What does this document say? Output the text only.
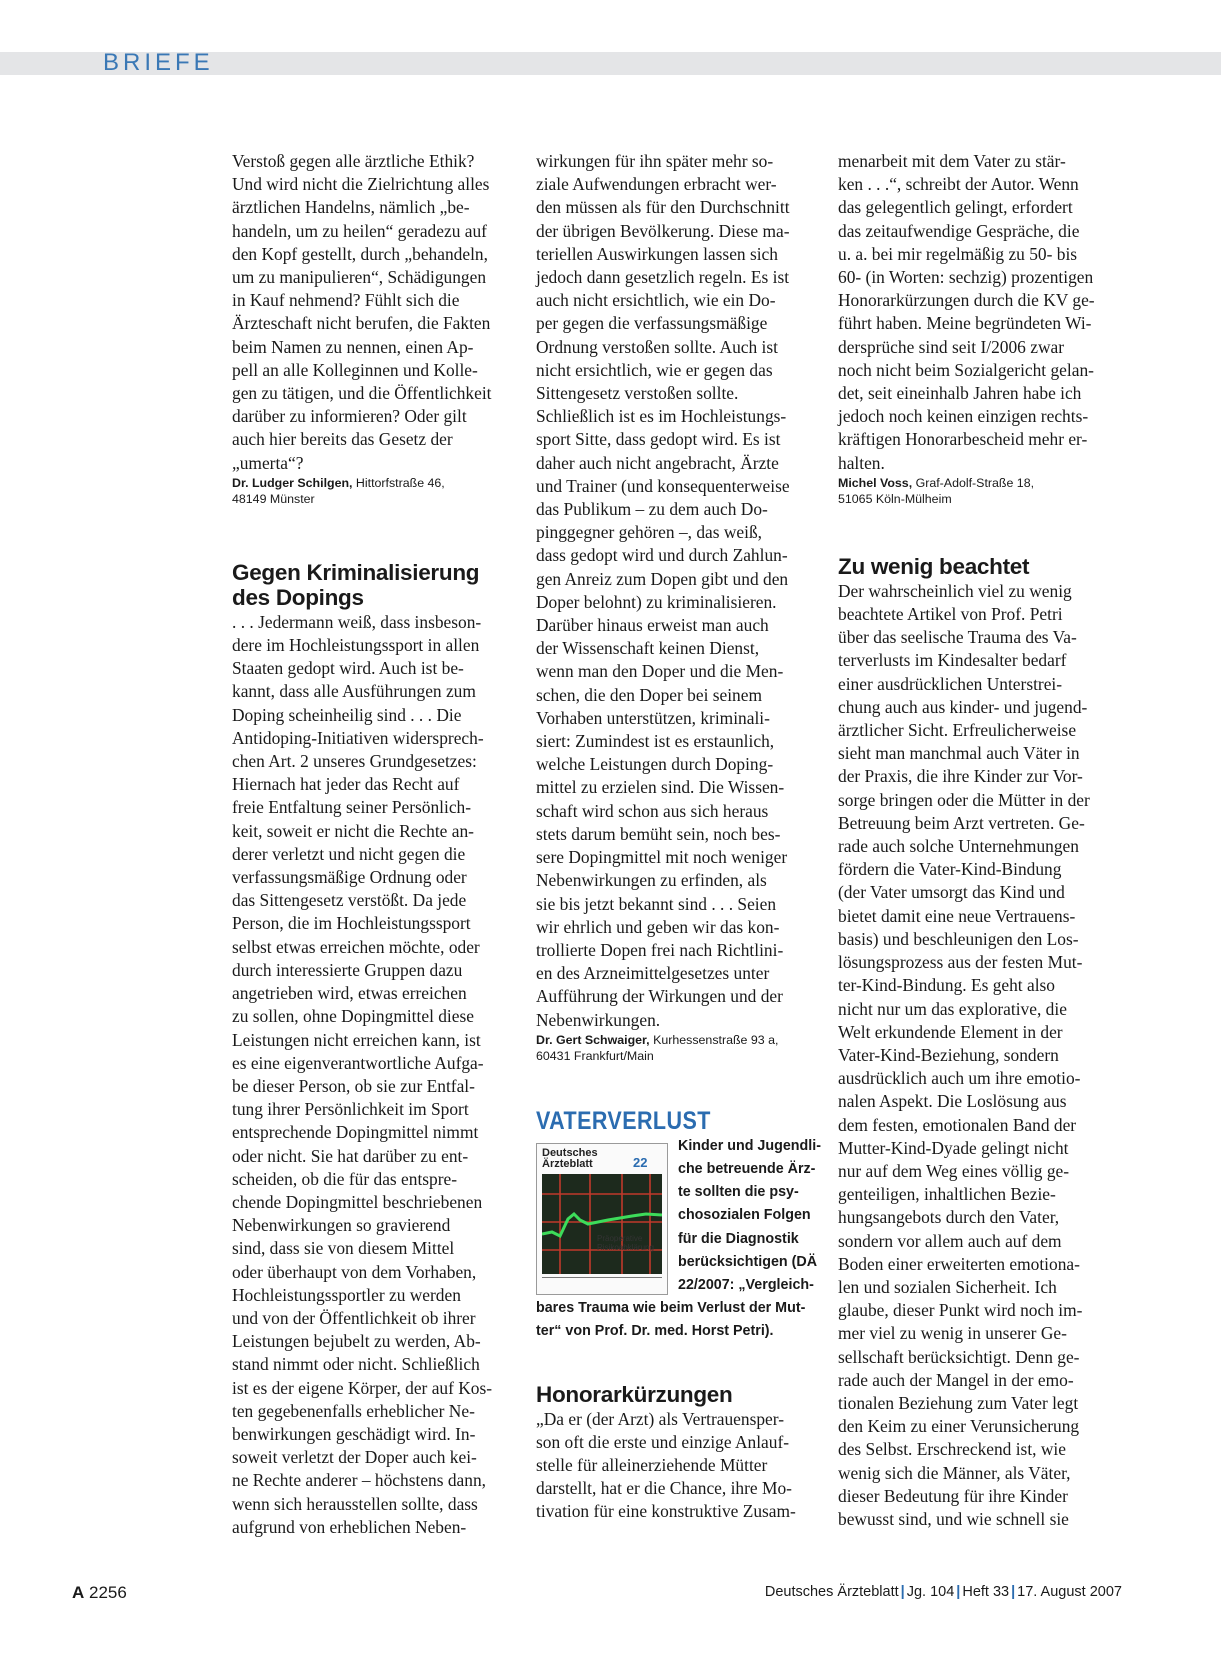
BRIEFE

Verstoß gegen alle ärztliche Ethik?
Und wird nicht die Zielrichtung alles
ärztlichen Handelns, nämlich „be-
handeln, um zu heilen“ geradezu auf
den Kopf gestellt, durch „behandeln,
um zu manipulieren“, Schädigungen
in Kauf nehmend? Fühlt sich die
Ärzteschaft nicht berufen, die Fakten
beim Namen zu nennen, einen Ap-
pell an alle Kolleginnen und Kolle-
gen zu tätigen, und die Öffentlichkeit
darüber zu informieren? Oder gilt
auch hier bereits das Gesetz der
„umerta“?

Dr. Ludger Schilgen, Hittorfstraße 46,
48149 Münster

Gegen Kriminalisierung
des Dopings

. . . Jedermann weiß, dass insbeson-
dere im Hochleistungssport in allen
Staaten gedopt wird. Auch ist be-
kannt, dass alle Ausführungen zum
Doping scheinheilig sind . . . Die
Antidoping-Initiativen widersprech-
chen Art. 2 unseres Grundgesetzes:
Hiernach hat jeder das Recht auf
freie Entfaltung seiner Persönlich-
keit, soweit er nicht die Rechte an-
derer verletzt und nicht gegen die
verfassungsmäßige Ordnung oder
das Sittengesetz verstößt. Da jede
Person, die im Hochleistungssport
selbst etwas erreichen möchte, oder
durch interessierte Gruppen dazu
angetrieben wird, etwas erreichen
zu sollen, ohne Dopingmittel diese
Leistungen nicht erreichen kann, ist
es eine eigenverantwortliche Aufga-
be dieser Person, ob sie zur Entfal-
tung ihrer Persönlichkeit im Sport
entsprechende Dopingmittel nimmt
oder nicht. Sie hat darüber zu ent-
scheiden, ob die für das entspre-
chende Dopingmittel beschriebenen
Nebenwirkungen so gravierend
sind, dass sie von diesem Mittel
oder überhaupt von dem Vorhaben,
Hochleistungssportler zu werden
und von der Öffentlichkeit ob ihrer
Leistungen bejubelt zu werden, Ab-
stand nimmt oder nicht. Schließlich
ist es der eigene Körper, der auf Kos-
ten gegebenenfalls erheblicher Ne-
benwirkungen geschädigt wird. In-
soweit verletzt der Doper auch kei-
ne Rechte anderer – höchstens dann,
wenn sich herausstellen sollte, dass
aufgrund von erheblichen Neben-

wirkungen für ihn später mehr so-
ziale Aufwendungen erbracht wer-
den müssen als für den Durchschnitt
der übrigen Bevölkerung. Diese ma-
teriellen Auswirkungen lassen sich
jedoch dann gesetzlich regeln. Es ist
auch nicht ersichtlich, wie ein Do-
per gegen die verfassungsmäßige
Ordnung verstoßen sollte. Auch ist
nicht ersichtlich, wie er gegen das
Sittengesetz verstoßen sollte.
Schließlich ist es im Hochleistungs-
sport Sitte, dass gedopt wird. Es ist
daher auch nicht angebracht, Ärzte
und Trainer (und konsequenterweise
das Publikum – zu dem auch Do-
pinggegner gehören –, das weiß,
dass gedopt wird und durch Zahlun-
gen Anreiz zum Dopen gibt und den
Doper belohnt) zu kriminalisieren.
Darüber hinaus erweist man auch
der Wissenschaft keinen Dienst,
wenn man den Doper und die Men-
schen, die den Doper bei seinem
Vorhaben unterstützen, kriminali-
siert: Zumindest ist es erstaunlich,
welche Leistungen durch Doping-
mittel zu erzielen sind. Die Wissen-
schaft wird schon aus sich heraus
stets darum bemüht sein, noch bes-
sere Dopingmittel mit noch weniger
Nebenwirkungen zu erfinden, als
sie bis jetzt bekannt sind . . . Seien
wir ehrlich und geben wir das kon-
trollierte Dopen frei nach Richtlini-
en des Arzneimittelgesetzes unter
Aufführung der Wirkungen und der
Nebenwirkungen.

Dr. Gert Schwaiger, Kurhessenstraße 93 a,
60431 Frankfurt/Main

VATERVERLUST
Deutsches
Ärzteblatt	22
Präoperative
Risikoabklärung
Kinder und Jugendli-
che betreuende Ärz-
te sollten die psy-
chosozialen Folgen
für die Diagnostik
berücksichtigen (DÄ
22/2007: „Vergleich-
bares Trauma wie beim Verlust der Mut-
ter“ von Prof. Dr. med. Horst Petri).
Honorarkürzungen

„Da er (der Arzt) als Vertrauensper-
son oft die erste und einzige Anlauf-
stelle für alleinerziehende Mütter
darstellt, hat er die Chance, ihre Mo-
tivation für eine konstruktive Zusam-

menarbeit mit dem Vater zu stär-
ken . . .“, schreibt der Autor. Wenn
das gelegentlich gelingt, erfordert
das zeitaufwendige Gespräche, die
u. a. bei mir regelmäßig zu 50- bis
60- (in Worten: sechzig) prozentigen
Honorarkürzungen durch die KV ge-
führt haben. Meine begründeten Wi-
dersprüche sind seit I/2006 zwar
noch nicht beim Sozialgericht gelan-
det, seit eineinhalb Jahren habe ich
jedoch noch keinen einzigen rechts-
kräftigen Honorarbescheid mehr er-
halten.

Michel Voss, Graf-Adolf-Straße 18,
51065 Köln-Mülheim

Zu wenig beachtet

Der wahrscheinlich viel zu wenig
beachtete Artikel von Prof. Petri
über das seelische Trauma des Va-
terverlusts im Kindesalter bedarf
einer ausdrücklichen Unterstrei-
chung auch aus kinder- und jugend-
ärztlicher Sicht. Erfreulicherweise
sieht man manchmal auch Väter in
der Praxis, die ihre Kinder zur Vor-
sorge bringen oder die Mütter in der
Betreuung beim Arzt vertreten. Ge-
rade auch solche Unternehmungen
fördern die Vater-Kind-Bindung
(der Vater umsorgt das Kind und
bietet damit eine neue Vertrauens-
basis) und beschleunigen den Los-
lösungsprozess aus der festen Mut-
ter-Kind-Bindung. Es geht also
nicht nur um das explorative, die
Welt erkundende Element in der
Vater-Kind-Beziehung, sondern
ausdrücklich auch um ihre emotio-
nalen Aspekt. Die Loslösung aus
dem festen, emotionalen Band der
Mutter-Kind-Dyade gelingt nicht
nur auf dem Weg eines völlig ge-
genteiligen, inhaltlichen Bezie-
hungsangebots durch den Vater,
sondern vor allem auch auf dem
Boden einer erweiterten emotiona-
len und sozialen Sicherheit. Ich
glaube, dieser Punkt wird noch im-
mer viel zu wenig in unserer Ge-
sellschaft berücksichtigt. Denn ge-
rade auch der Mangel in der emo-
tionalen Beziehung zum Vater legt
den Keim zu einer Verunsicherung
des Selbst. Erschreckend ist, wie
wenig sich die Männer, als Väter,
dieser Bedeutung für ihre Kinder
bewusst sind, und wie schnell sie

A 2256	Deutsches Ärzteblatt | Jg. 104 | Heft 33 | 17. August 2007
